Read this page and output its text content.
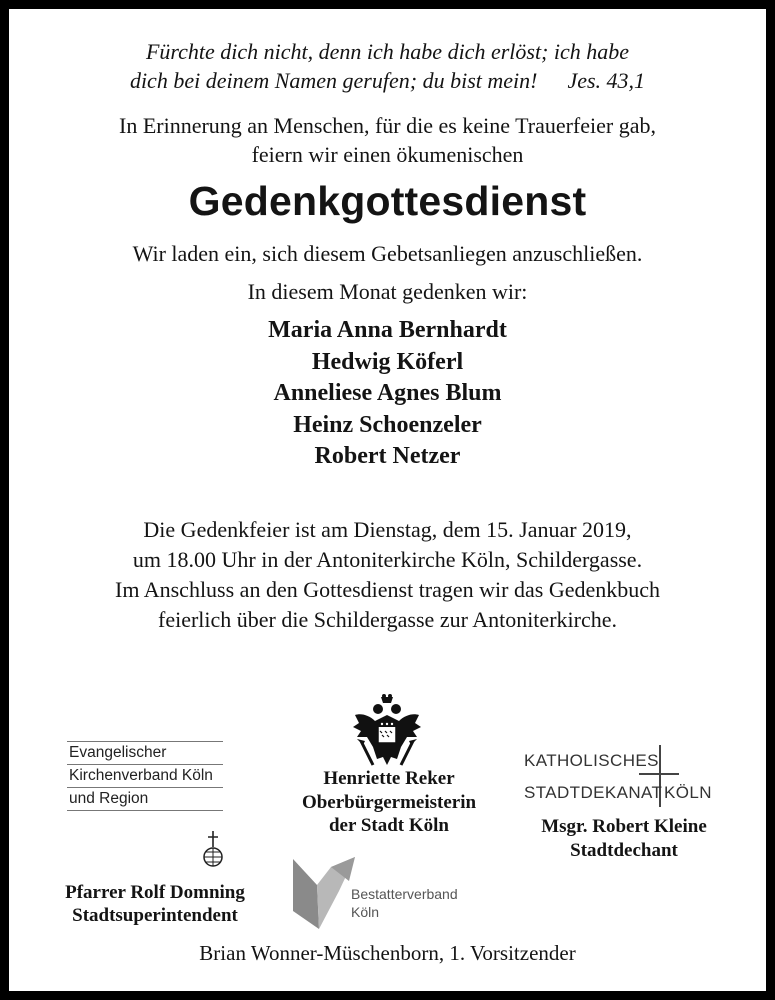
Fürchte dich nicht, denn ich habe dich erlöst; ich habe
dich bei deinem Namen gerufen; du bist mein! Jes. 43,1
In Erinnerung an Menschen, für die es keine Trauerfeier gab,
feiern wir einen ökumenischen
Gedenkgottesdienst
Wir laden ein, sich diesem Gebetsanliegen anzuschließen.
In diesem Monat gedenken wir:
Maria Anna Bernhardt
Hedwig Köferl
Anneliese Agnes Blum
Heinz Schoenzeler
Robert Netzer
Die Gedenkfeier ist am Dienstag, dem 15. Januar 2019,
um 18.00 Uhr in der Antoniterkirche Köln, Schildergasse.
Im Anschluss an den Gottesdienst tragen wir das Gedenkbuch
feierlich über die Schildergasse zur Antoniterkirche.
Henriette Reker
Oberbürgermeisterin
der Stadt Köln
Evangelischer
Kirchenverband Köln
und Region
Pfarrer Rolf Domning
Stadtsuperintendent
KATHOLISCHES
STADTDEKANAT KÖLN
Msgr. Robert Kleine
Stadtdechant
Bestatterverband
Köln
Brian Wonner-Müschenborn, 1. Vorsitzender
